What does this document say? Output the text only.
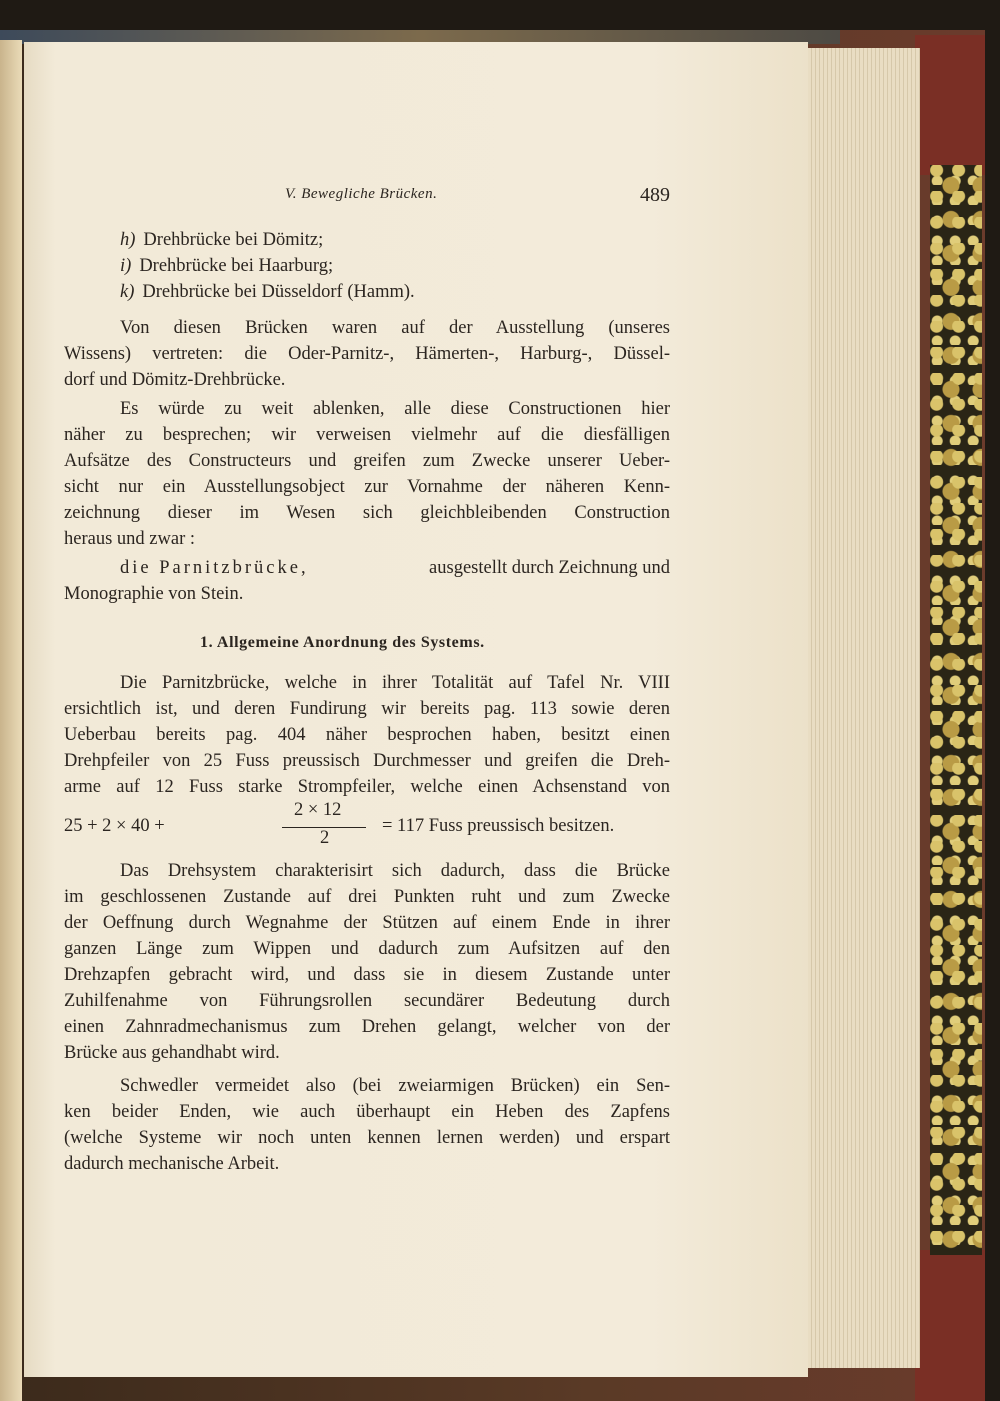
V. Bewegliche Brücken.	489
h) Drehbrücke bei Dömitz;
i) Drehbrücke bei Haarburg;
k) Drehbrücke bei Düsseldorf (Hamm).
Von diesen Brücken waren auf der Ausstellung (unseres
Wissens) vertreten: die Oder-Parnitz-, Hämerten-, Harburg-, Düssel-
dorf und Dömitz-Drehbrücke.
Es würde zu weit ablenken, alle diese Constructionen hier
näher zu besprechen; wir verweisen vielmehr auf die diesfälligen
Aufsätze des Constructeurs und greifen zum Zwecke unserer Ueber-
sicht nur ein Ausstellungsobject zur Vornahme der näheren Kenn-
zeichnung dieser im Wesen sich gleichbleibenden Construction
heraus und zwar :
die Parnitzbrücke,	ausgestellt durch Zeichnung und
Monographie von Stein.
1. Allgemeine Anordnung des Systems.
Die Parnitzbrücke, welche in ihrer Totalität auf Tafel Nr. VIII
ersichtlich ist, und deren Fundirung wir bereits pag. 113 sowie deren
Ueberbau bereits pag. 404 näher besprochen haben, besitzt einen
Drehpfeiler von 25 Fuss preussisch Durchmesser und greifen die Dreh-
arme auf 12 Fuss starke Strompfeiler, welche einen Achsenstand von
25 + 2 × 40 +
2 × 12
2
= 117 Fuss preussisch besitzen.
Das Drehsystem charakterisirt sich dadurch, dass die Brücke
im geschlossenen Zustande auf drei Punkten ruht und zum Zwecke
der Oeffnung durch Wegnahme der Stützen auf einem Ende in ihrer
ganzen Länge zum Wippen und dadurch zum Aufsitzen auf den
Drehzapfen gebracht wird, und dass sie in diesem Zustande unter
Zuhilfenahme von Führungsrollen secundärer Bedeutung durch
einen Zahnradmechanismus zum Drehen gelangt, welcher von der
Brücke aus gehandhabt wird.
Schwedler vermeidet also (bei zweiarmigen Brücken) ein Sen-
ken beider Enden, wie auch überhaupt ein Heben des Zapfens
(welche Systeme wir noch unten kennen lernen werden) und erspart
dadurch mechanische Arbeit.
